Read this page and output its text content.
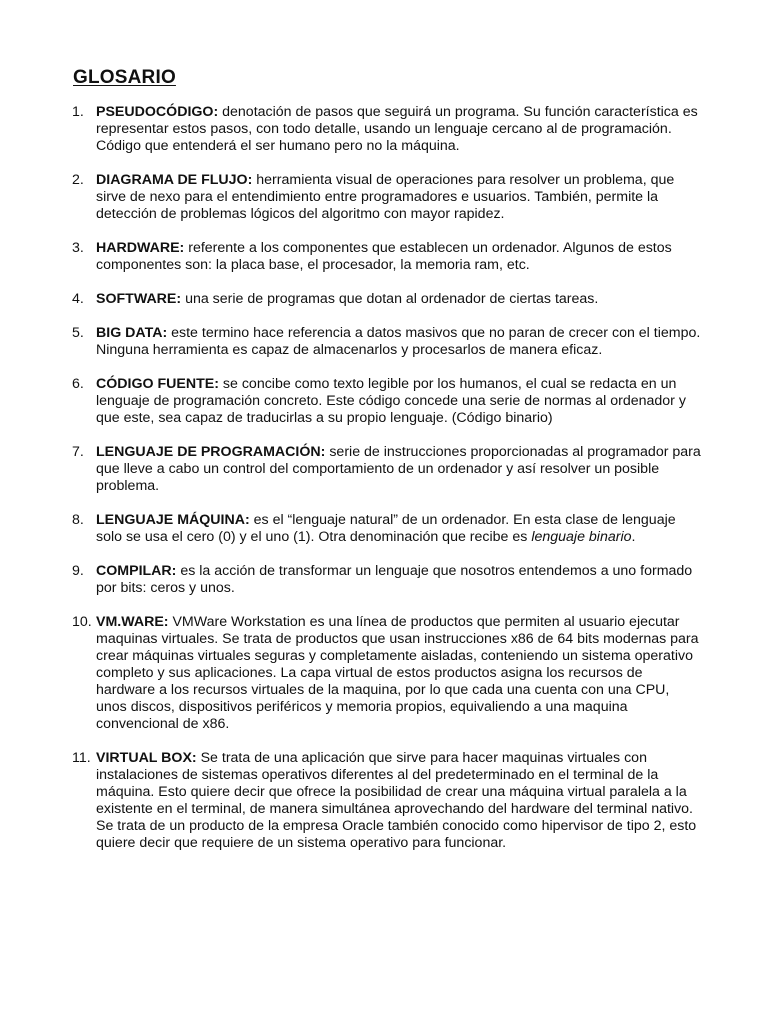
GLOSARIO
1. PSEUDOCÓDIGO: denotación de pasos que seguirá un programa. Su función característica es representar estos pasos, con todo detalle, usando un lenguaje cercano al de programación. Código que entenderá el ser humano pero no la máquina.
2. DIAGRAMA DE FLUJO: herramienta visual de operaciones para resolver un problema, que sirve de nexo para el entendimiento entre programadores e usuarios. También, permite la detección de problemas lógicos del algoritmo con mayor rapidez.
3. HARDWARE: referente a los componentes que establecen un ordenador. Algunos de estos componentes son: la placa base, el procesador, la memoria ram, etc.
4. SOFTWARE: una serie de programas que dotan al ordenador de ciertas tareas.
5. BIG DATA: este termino hace referencia a datos masivos que no paran de crecer con el tiempo. Ninguna herramienta es capaz de almacenarlos y procesarlos de manera eficaz.
6. CÓDIGO FUENTE: se concibe como texto legible por los humanos, el cual se redacta en un lenguaje de programación concreto. Este código concede una serie de normas al ordenador y que este, sea capaz de traducirlas a su propio lenguaje. (Código binario)
7. LENGUAJE DE PROGRAMACIÓN: serie de instrucciones proporcionadas al programador para que lleve a cabo un control del comportamiento de un ordenador y así resolver un posible problema.
8. LENGUAJE MÁQUINA: es el “lenguaje natural” de un ordenador. En esta clase de lenguaje solo se usa el cero (0) y el uno (1). Otra denominación que recibe es lenguaje binario.
9. COMPILAR: es la acción de transformar un lenguaje que nosotros entendemos a uno formado por bits: ceros y unos.
10. VM.WARE: VMWare Workstation es una línea de productos que permiten al usuario ejecutar maquinas virtuales. Se trata de productos que usan instrucciones x86 de 64 bits modernas para crear máquinas virtuales seguras y completamente aisladas, conteniendo un sistema operativo completo y sus aplicaciones. La capa virtual de estos productos asigna los recursos de hardware a los recursos virtuales de la maquina, por lo que cada una cuenta con una CPU, unos discos, dispositivos periféricos y memoria propios, equivaliendo a una maquina convencional de x86.
11. VIRTUAL BOX: Se trata de una aplicación que sirve para hacer maquinas virtuales con instalaciones de sistemas operativos diferentes al del predeterminado en el terminal de la máquina. Esto quiere decir que ofrece la posibilidad de crear una máquina virtual paralela a la existente en el terminal, de manera simultánea aprovechando del hardware del terminal nativo. Se trata de un producto de la empresa Oracle también conocido como hipervisor de tipo 2, esto quiere decir que requiere de un sistema operativo para funcionar.
